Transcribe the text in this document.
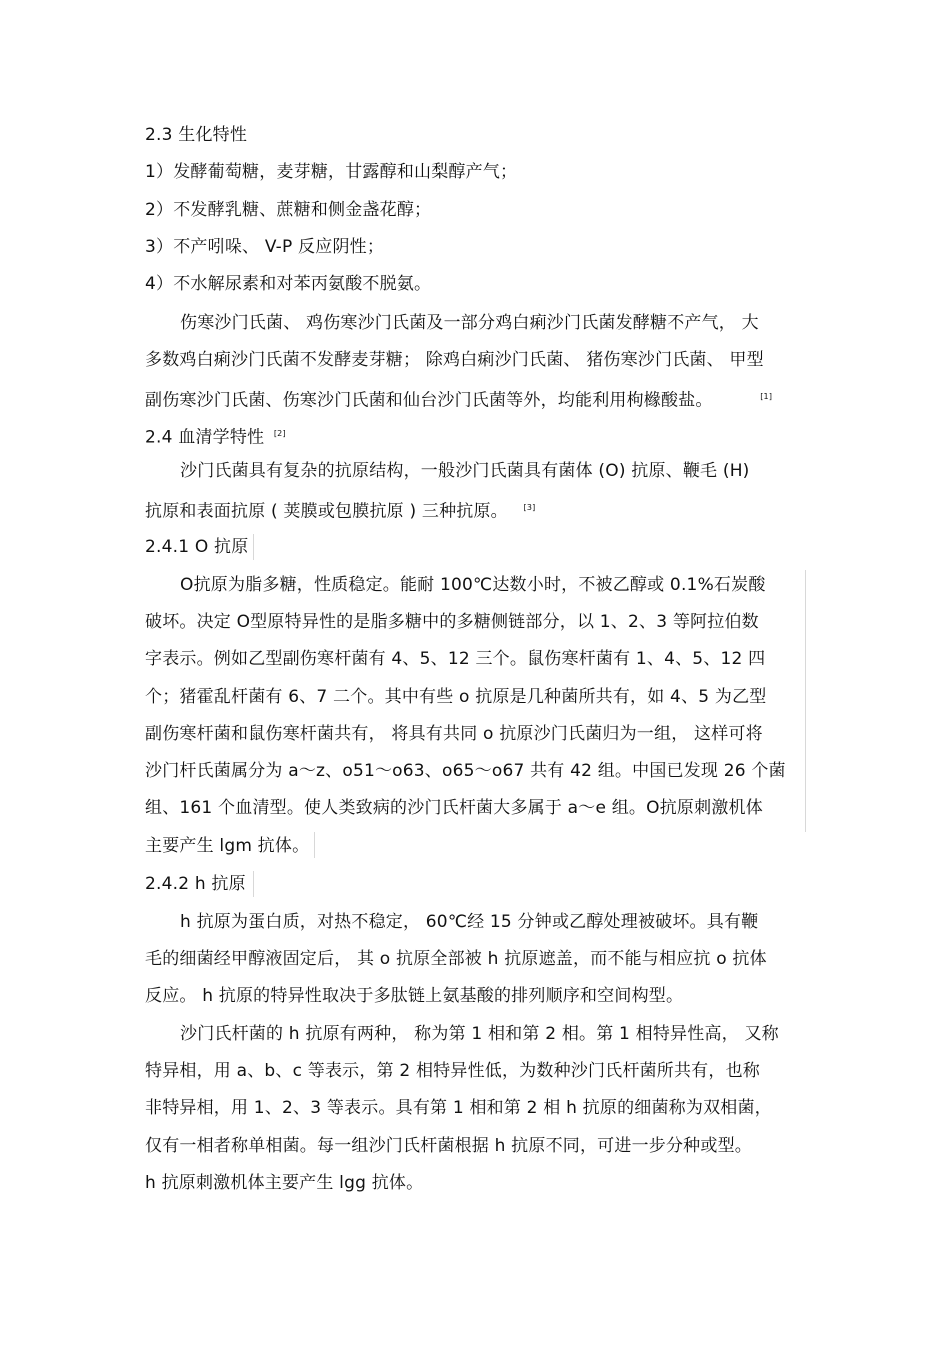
2.3 生化特性
1）发酵葡萄糖，麦芽糖，甘露醇和山梨醇产气；
2）不发酵乳糖、蔗糖和侧金盏花醇；
3）不产吲哚、 V-P 反应阴性；
4）不水解尿素和对苯丙氨酸不脱氨。
伤寒沙门氏菌、 鸡伤寒沙门氏菌及一部分鸡白痢沙门氏菌发酵糖不产气， 大
多数鸡白痢沙门氏菌不发酵麦芽糖； 除鸡白痢沙门氏菌、 猪伤寒沙门氏菌、 甲型
副伤寒沙门氏菌、伤寒沙门氏菌和仙台沙门氏菌等外，均能利用枸橼酸盐。	[1]
2.4 血清学特性 [2]
沙门氏菌具有复杂的抗原结构，一般沙门氏菌具有菌体 (O) 抗原、鞭毛 (H)
抗原和表面抗原 ( 荚膜或包膜抗原 ) 三种抗原。 [3]
2.4.1 O 抗原
O抗原为脂多糖，性质稳定。能耐 100℃达数小时，不被乙醇或 0.1%石炭酸
破坏。决定 O型原特异性的是脂多糖中的多糖侧链部分，以 1、2、3 等阿拉伯数
字表示。例如乙型副伤寒杆菌有 4、5、12 三个。鼠伤寒杆菌有 1、4、5、12 四
个；猪霍乱杆菌有 6、7 二个。其中有些 o 抗原是几种菌所共有，如 4、5 为乙型
副伤寒杆菌和鼠伤寒杆菌共有， 将具有共同 o 抗原沙门氏菌归为一组， 这样可将
沙门杆氏菌属分为 a～z、o51～o63、o65～o67 共有 42 组。中国已发现 26 个菌
组、161 个血清型。使人类致病的沙门氏杆菌大多属于 a～e 组。O抗原刺激机体
主要产生 lgm 抗体。
2.4.2 h 抗原
h 抗原为蛋白质，对热不稳定， 60℃经 15 分钟或乙醇处理被破坏。具有鞭
毛的细菌经甲醇液固定后， 其 o 抗原全部被 h 抗原遮盖，而不能与相应抗 o 抗体
反应。 h 抗原的特异性取决于多肽链上氨基酸的排列顺序和空间构型。
沙门氏杆菌的 h 抗原有两种， 称为第 1 相和第 2 相。第 1 相特异性高， 又称
特异相，用 a、b、c 等表示，第 2 相特异性低，为数种沙门氏杆菌所共有，也称
非特异相，用 1、2、3 等表示。具有第 1 相和第 2 相 h 抗原的细菌称为双相菌，
仅有一相者称单相菌。每一组沙门氏杆菌根据 h 抗原不同，可进一步分种或型。
h 抗原刺激机体主要产生 lgg 抗体。
